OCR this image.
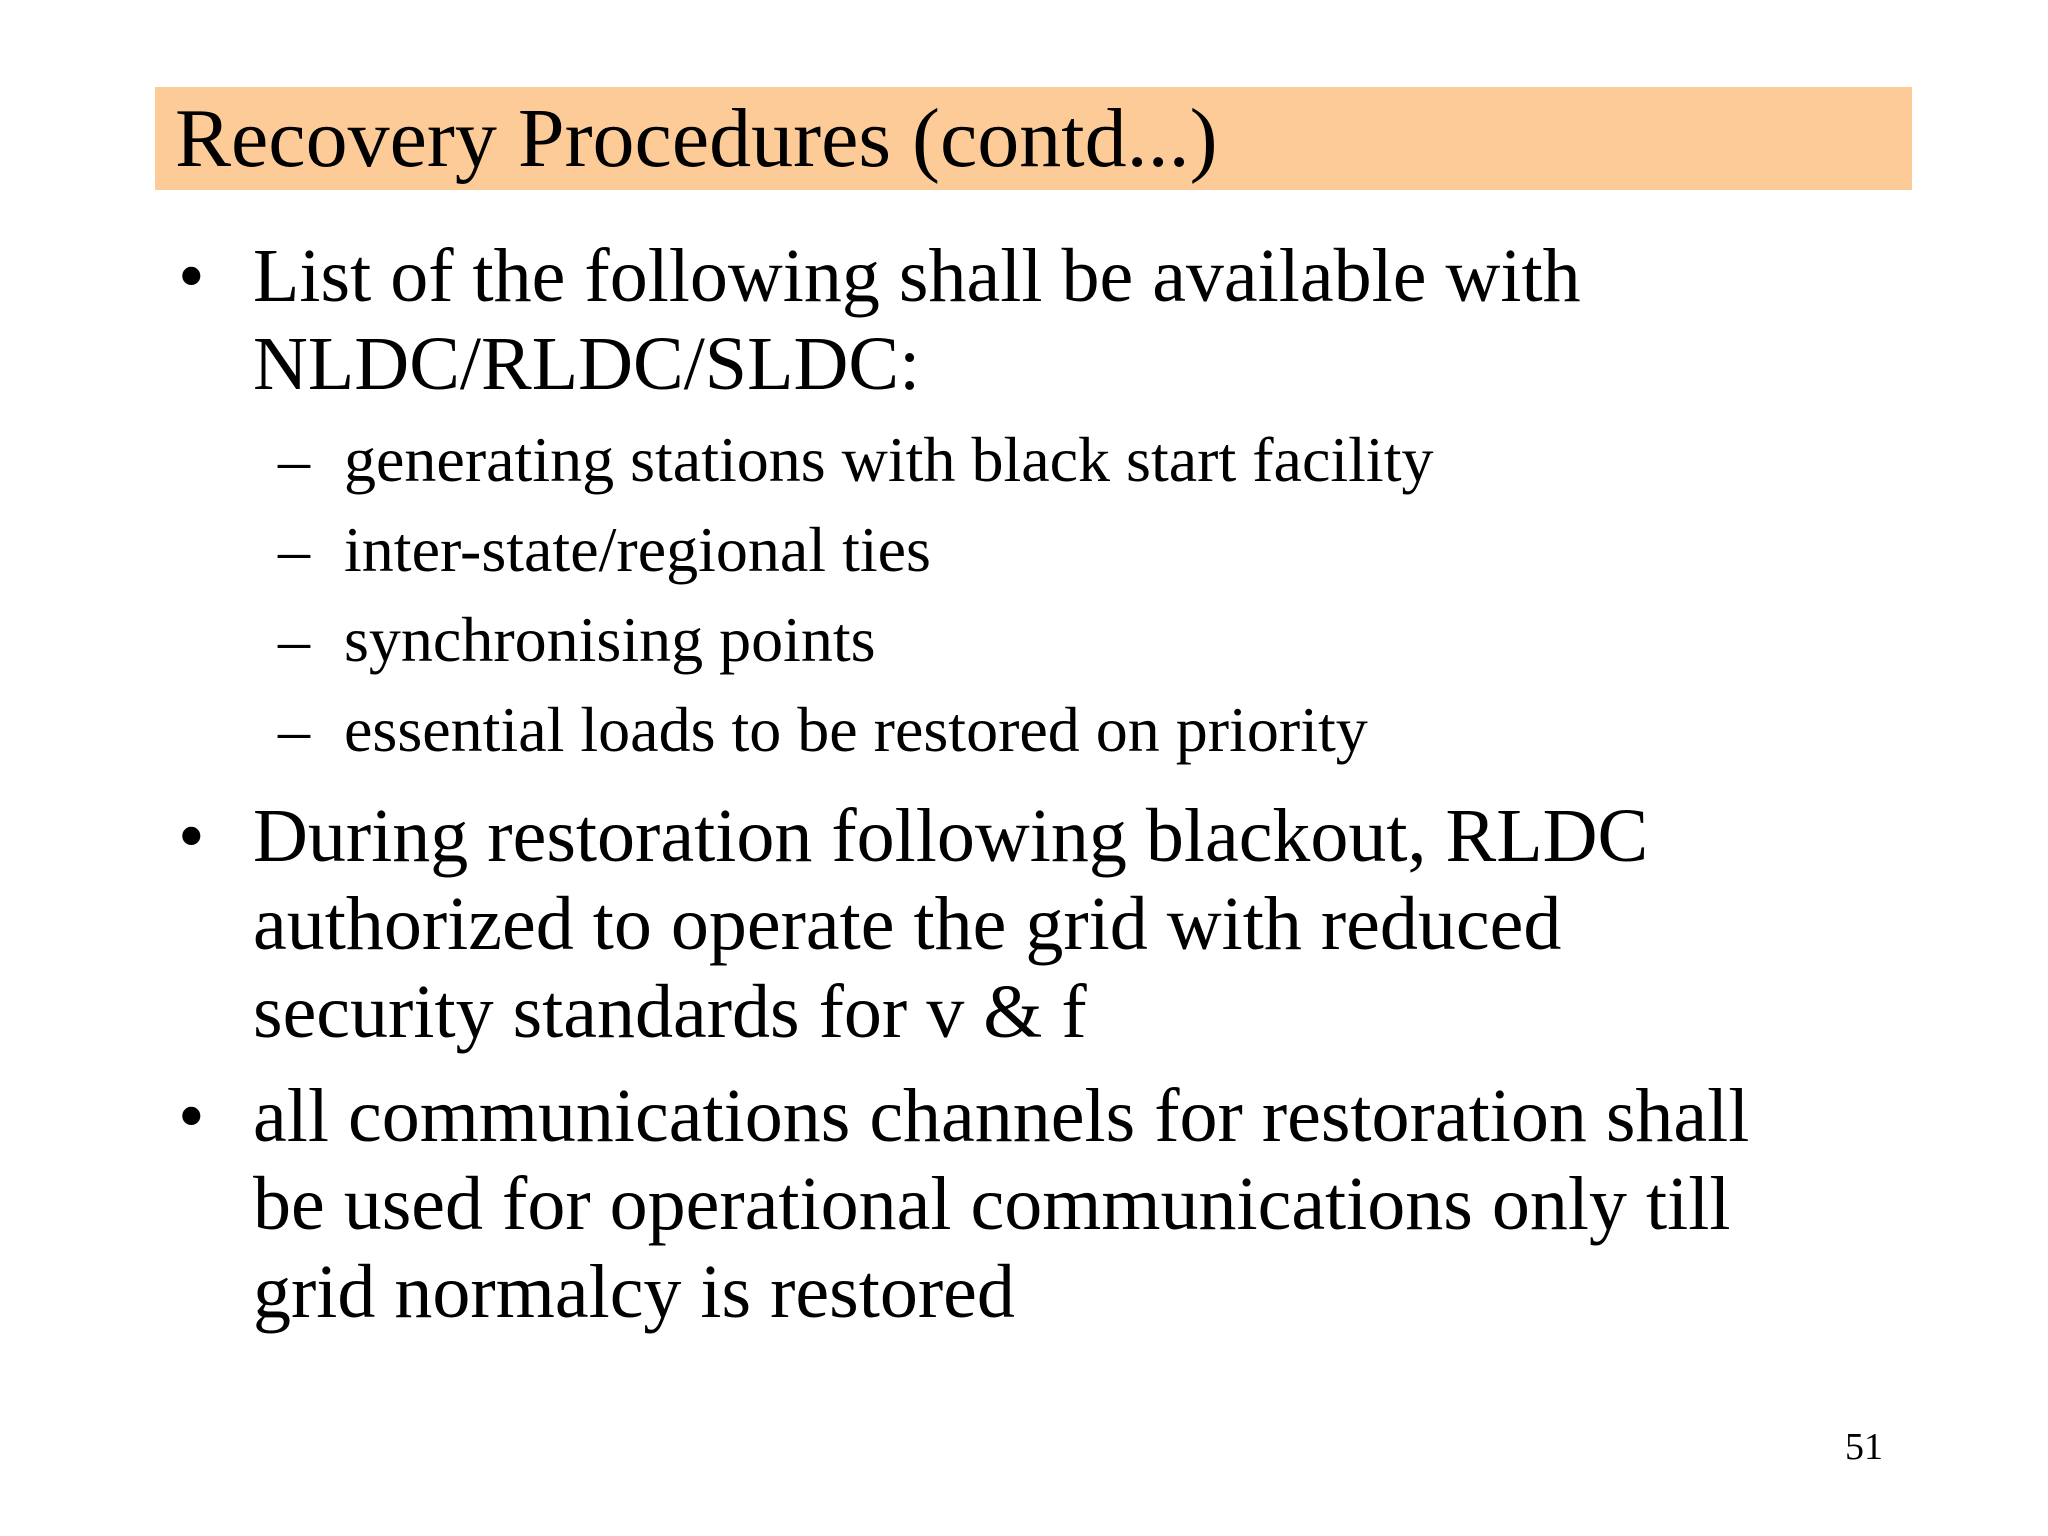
Recovery Procedures (contd...)
• List of the following shall be available with
NLDC/RLDC/SLDC:
– generating stations with black start facility
– inter-state/regional ties
– synchronising points
– essential loads to be restored on priority
• During restoration following blackout, RLDC
authorized to operate the grid with reduced
security standards for v & f
• all communications channels for restoration shall
be used for operational communications only till
grid normalcy is restored
51
